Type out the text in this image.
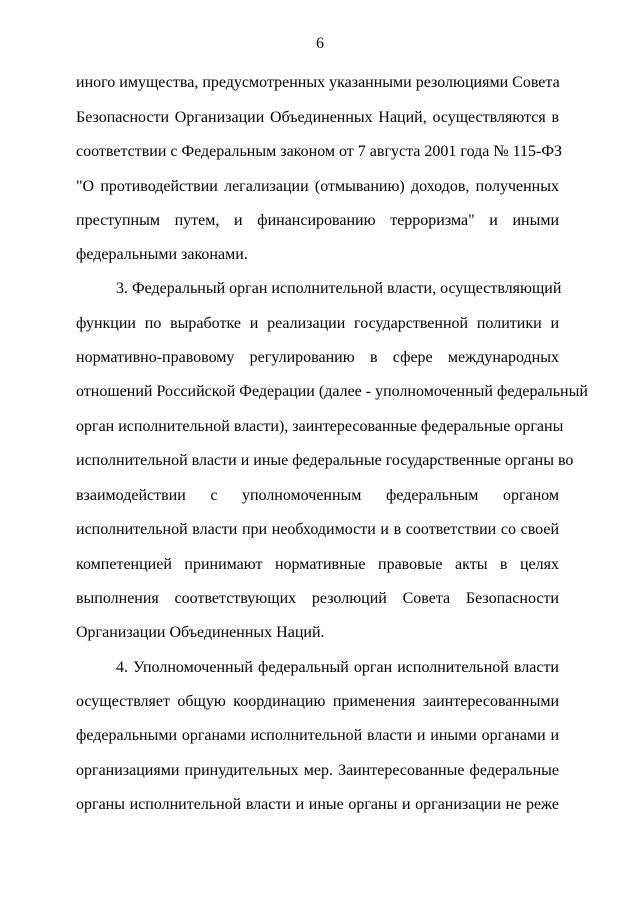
6
иного имущества, предусмотренных указанными резолюциями Совета
Безопасности Организации Объединенных Наций, осуществляются в
соответствии с Федеральным законом от 7 августа 2001 года № 115-ФЗ
"О противодействии легализации (отмыванию) доходов, полученных
преступным путем, и финансированию терроризма" и иными
федеральными законами.
3. Федеральный орган исполнительной власти, осуществляющий
функции по выработке и реализации государственной политики и
нормативно-правовому регулированию в сфере международных
отношений Российской Федерации (далее - уполномоченный федеральный
орган исполнительной власти), заинтересованные федеральные органы
исполнительной власти и иные федеральные государственные органы во
взаимодействии с уполномоченным федеральным органом
исполнительной власти при необходимости и в соответствии со своей
компетенцией принимают нормативные правовые акты в целях
выполнения соответствующих резолюций Совета Безопасности
Организации Объединенных Наций.
4. Уполномоченный федеральный орган исполнительной власти
осуществляет общую координацию применения заинтересованными
федеральными органами исполнительной власти и иными органами и
организациями принудительных мер. Заинтересованные федеральные
органы исполнительной власти и иные органы и организации не реже
